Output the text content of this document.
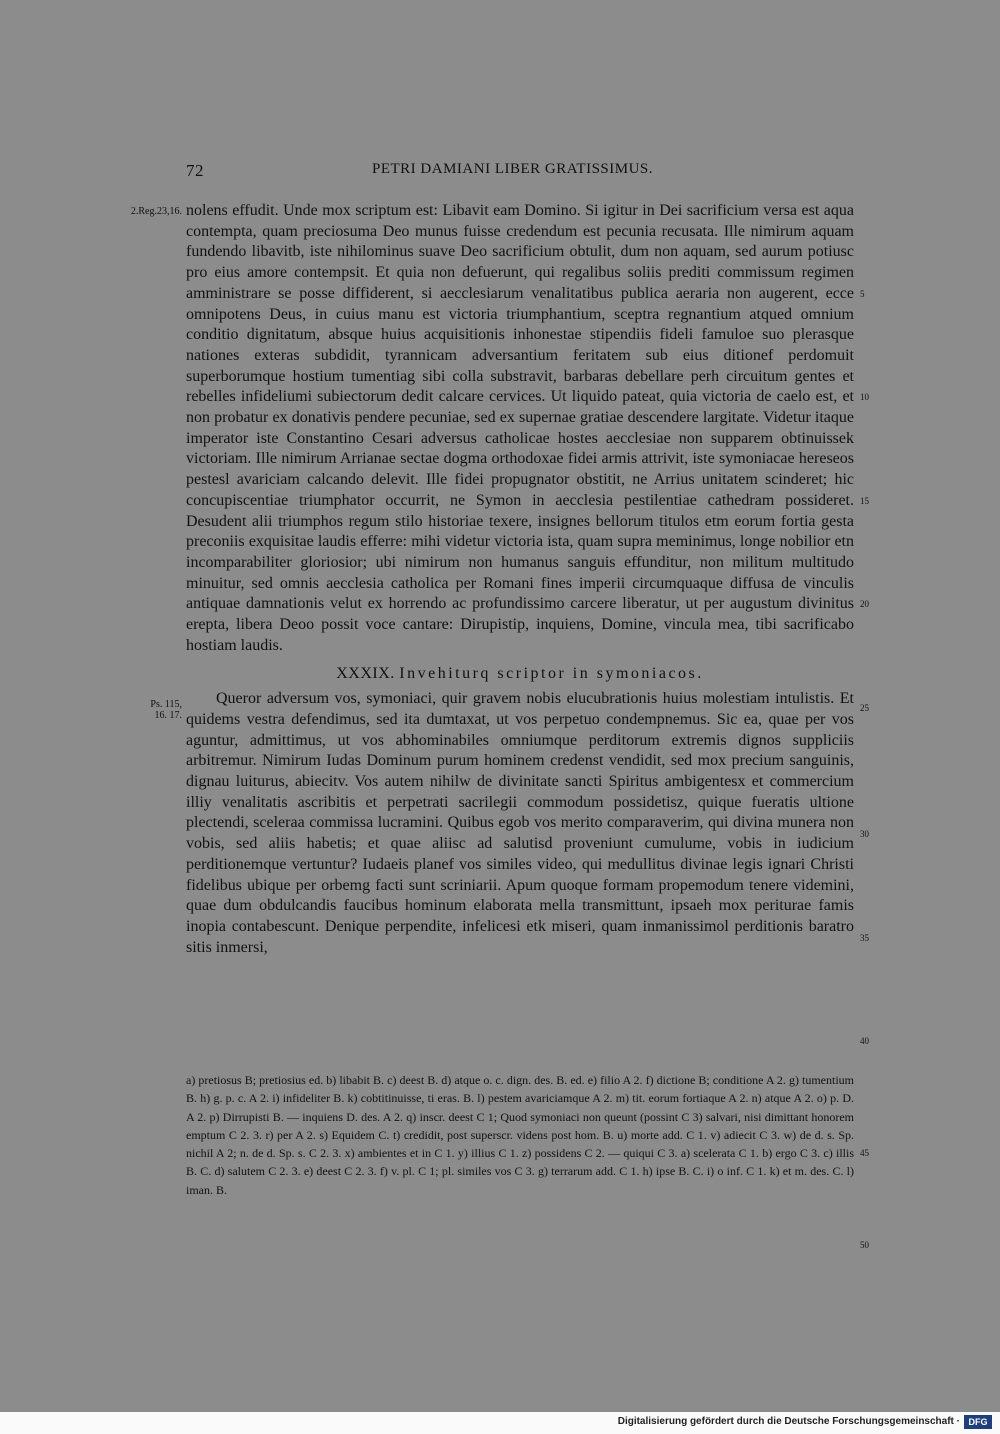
72	PETRI DAMIANI LIBER GRATISSIMUS.
2.Reg.23,16.
Ps. 115,
16. 17.
5
10
15
20
25
30
35
40
45
50

nolens effudit. Unde mox scriptum est: Libavit eam Domino. Si igitur in Dei sacrificium versa est aqua contempta, quam preciosuma Deo munus fuisse credendum est pecunia recusata. Ille nimirum aquam fundendo libavitb, iste nihilominus suave Deo sacrificium obtulit, dum non aquam, sed aurum potiusc pro eius amore contempsit. Et quia non defuerunt, qui regalibus soliis prediti commissum regimen amministrare se posse diffiderent, si aecclesiarum venalitatibus publica aeraria non augerent, ecce omnipotens Deus, in cuius manu est victoria triumphantium, sceptra regnantium atqued omnium conditio dignitatum, absque huius acquisitionis inhonestae stipendiis fideli famuloe suo plerasque nationes exteras subdidit, tyrannicam adversantium feritatem sub eius ditionef perdomuit superborumque hostium tumentiag sibi colla substravit, barbaras debellare perh circuitum gentes et rebelles infideliumi subiectorum dedit calcare cervices. Ut liquido pateat, quia victoria de caelo est, et non probatur ex donativis pendere pecuniae, sed ex supernae gratiae descendere largitate. Videtur itaque imperator iste Constantino Cesari adversus catholicae hostes aecclesiae non supparem obtinuissek victoriam. Ille nimirum Arrianae sectae dogma orthodoxae fidei armis attrivit, iste symoniacae hereseos pestesl avariciam calcando delevit. Ille fidei propugnator obstitit, ne Arrius unitatem scinderet; hic concupiscentiae triumphator occurrit, ne Symon in aecclesia pestilentiae cathedram possideret. Desudent alii triumphos regum stilo historiae texere, insignes bellorum titulos etm eorum fortia gesta preconiis exquisitae laudis efferre: mihi videtur victoria ista, quam supra meminimus, longe nobilior etn incomparabiliter gloriosior; ubi nimirum non humanus sanguis effunditur, non militum multitudo minuitur, sed omnis aecclesia catholica per Romani fines imperii circumquaque diffusa de vinculis antiquae damnationis velut ex horrendo ac profundissimo carcere liberatur, ut per augustum divinitus erepta, libera Deoo possit voce cantare: Dirupistip, inquiens, Domine, vincula mea, tibi sacrificabo hostiam laudis.

XXXIX. Invehiturq scriptor in symoniacos.

Queror adversum vos, symoniaci, quir gravem nobis elucubrationis huius molestiam intulistis. Et quidems vestra defendimus, sed ita dumtaxat, ut vos perpetuo condempnemus. Sic ea, quae per vos aguntur, admittimus, ut vos abhominabiles omniumque perditorum extremis dignos suppliciis arbitremur. Nimirum Iudas Dominum purum hominem credenst vendidit, sed mox precium sanguinis, dignau luiturus, abiecitv. Vos autem nihilw de divinitate sancti Spiritus ambigentesx et commercium illiy venalitatis ascribitis et perpetrati sacrilegii commodum possidetisz, quique fueratis ultione plectendi, sceleraa commissa lucramini. Quibus egob vos merito comparaverim, qui divina munera non vobis, sed aliis habetis; et quae aliisc ad salutisd proveniunt cumulume, vobis in iudicium perditionemque vertuntur? Iudaeis planef vos similes video, qui medullitus divinae legis ignari Christi fidelibus ubique per orbemg facti sunt scriniarii. Apum quoque formam propemodum tenere videmini, quae dum obdulcandis faucibus hominum elaborata mella transmittunt, ipsaeh mox periturae famis inopia contabescunt. Denique perpendite, infelicesi etk miseri, quam inmanissimol perditionis baratro sitis inmersi,

a) pretiosus B; pretiosius ed. b) libabit B. c) deest B. d) atque o. c. dign. des. B. ed. e) filio A 2. f) dictione B; conditione A 2. g) tumentium B. h) g. p. c. A 2. i) infideliter B. k) cobtitinuisse, ti eras. B. l) pestem avariciamque A 2. m) tit. eorum fortiaque A 2. n) atque A 2. o) p. D. A 2. p) Dirrupisti B. — inquiens D. des. A 2. q) inscr. deest C 1; Quod symoniaci non queunt (possint C 3) salvari, nisi dimittant honorem emptum C 2. 3. r) per A 2. s) Equidem C. t) credidit, post superscr. videns post hom. B. u) morte add. C 1. v) adiecit C 3. w) de d. s. Sp. nichil A 2; n. de d. Sp. s. C 2. 3. x) ambientes et in C 1. y) illius C 1. z) possidens C 2. — quiqui C 3. a) scelerata C 1. b) ergo C 3. c) illis B. C. d) salutem C 2. 3. e) deest C 2. 3. f) v. pl. C 1; pl. similes vos C 3. g) terrarum add. C 1. h) ipse B. C. i) o inf. C 1. k) et m. des. C. l) iman. B.

Digitalisierung gefördert durch die Deutsche Forschungsgemeinschaft · DFG
